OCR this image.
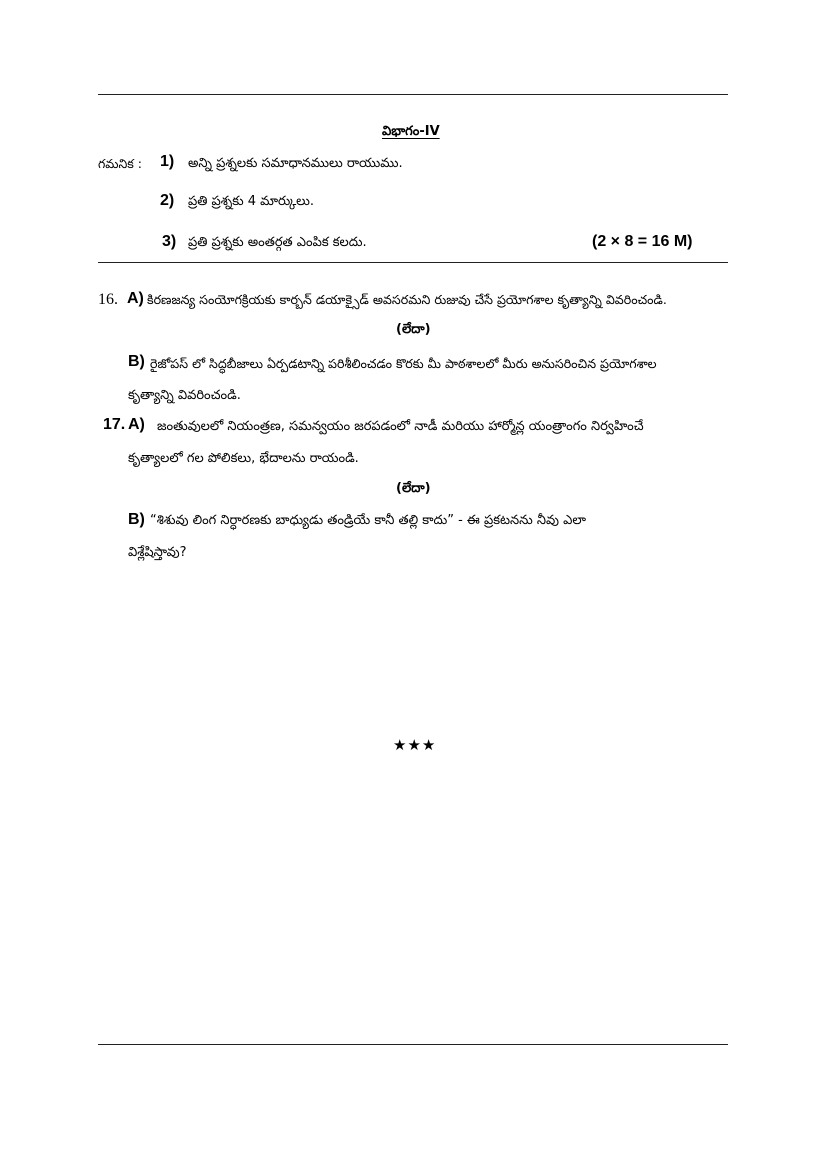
విభాగం-IV
గమనిక : 1) అన్ని ప్రశ్నలకు సమాధానములు రాయుము.
2) ప్రతి ప్రశ్నకు 4 మార్కులు.
3) ప్రతి ప్రశ్నకు అంతర్గత ఎంపిక కలదు.	(2 × 8 = 16 M)
16. A) కిరణజన్య సంయోగక్రియకు కార్బన్ డయాక్సైడ్ అవసరమని రుజువు చేసే ప్రయోగశాల కృత్యాన్ని వివరించండి.
(లేదా)
B) రైజోపస్ లో సిద్ధబీజాలు ఏర్పడటాన్ని పరిశీలించడం కొరకు మీ పాఠశాలలో మీరు అనుసరించిన ప్రయోగశాల
కృత్యాన్ని వివరించండి.
17. A) జంతువులలో నియంత్రణ, సమన్వయం జరపడంలో నాడీ మరియు హార్మోన్ల యంత్రాంగం నిర్వహించే
కృత్యాలలో గల పోలికలు, భేదాలను రాయండి.
(లేదా)
B) “శిశువు లింగ నిర్ధారణకు బాధ్యుడు తండ్రియే కానీ తల్లి కాదు” - ఈ ప్రకటనను నీవు ఎలా
విశ్లేషిస్తావు?
★★★
